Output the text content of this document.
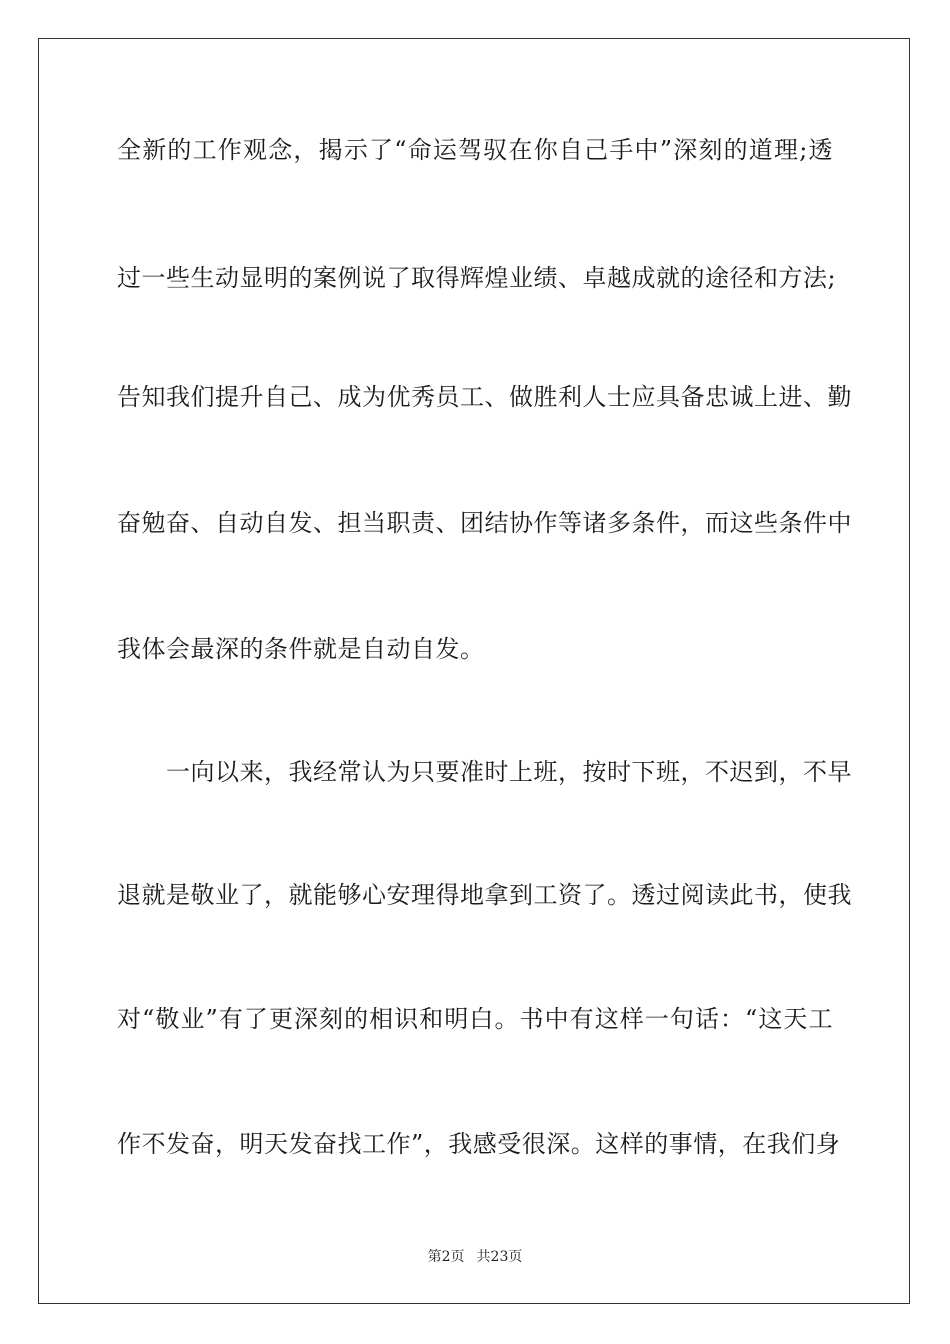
全新的工作观念，揭示了“命运驾驭在你自己手中”深刻的道理;透
过一些生动显明的案例说了取得辉煌业绩、卓越成就的途径和方法;
告知我们提升自己、成为优秀员工、做胜利人士应具备忠诚上进、勤
奋勉奋、自动自发、担当职责、团结协作等诸多条件，而这些条件中
我体会最深的条件就是自动自发。
　　一向以来，我经常认为只要准时上班，按时下班，不迟到，不早
退就是敬业了，就能够心安理得地拿到工资了。透过阅读此书，使我
对“敬业”有了更深刻的相识和明白。书中有这样一句话：“这天工
作不发奋，明天发奋找工作”，我感受很深。这样的事情，在我们身
第2页 共23页
